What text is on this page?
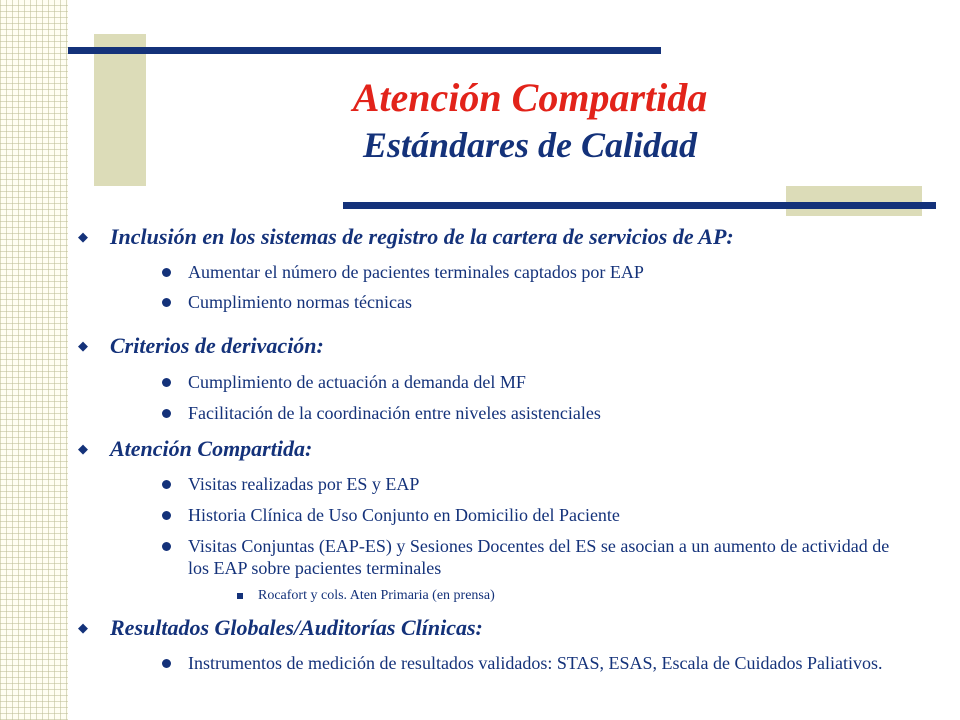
Atención Compartida
Estándares de Calidad
◆ Inclusión en los sistemas de registro de la cartera de servicios de AP:
Aumentar el número de pacientes terminales captados por EAP
Cumplimiento normas técnicas
◆ Criterios de derivación:
Cumplimiento de actuación a demanda del MF
Facilitación de la coordinación entre niveles asistenciales
◆ Atención Compartida:
Visitas realizadas por ES y EAP
Historia Clínica de Uso Conjunto en Domicilio del Paciente
Visitas Conjuntas (EAP-ES) y Sesiones Docentes del ES se asocian a un aumento de actividad de los EAP sobre pacientes terminales
Rocafort y cols. Aten Primaria (en prensa)
◆ Resultados Globales/Auditorías Clínicas:
Instrumentos de medición de resultados validados: STAS, ESAS, Escala de Cuidados Paliativos.
